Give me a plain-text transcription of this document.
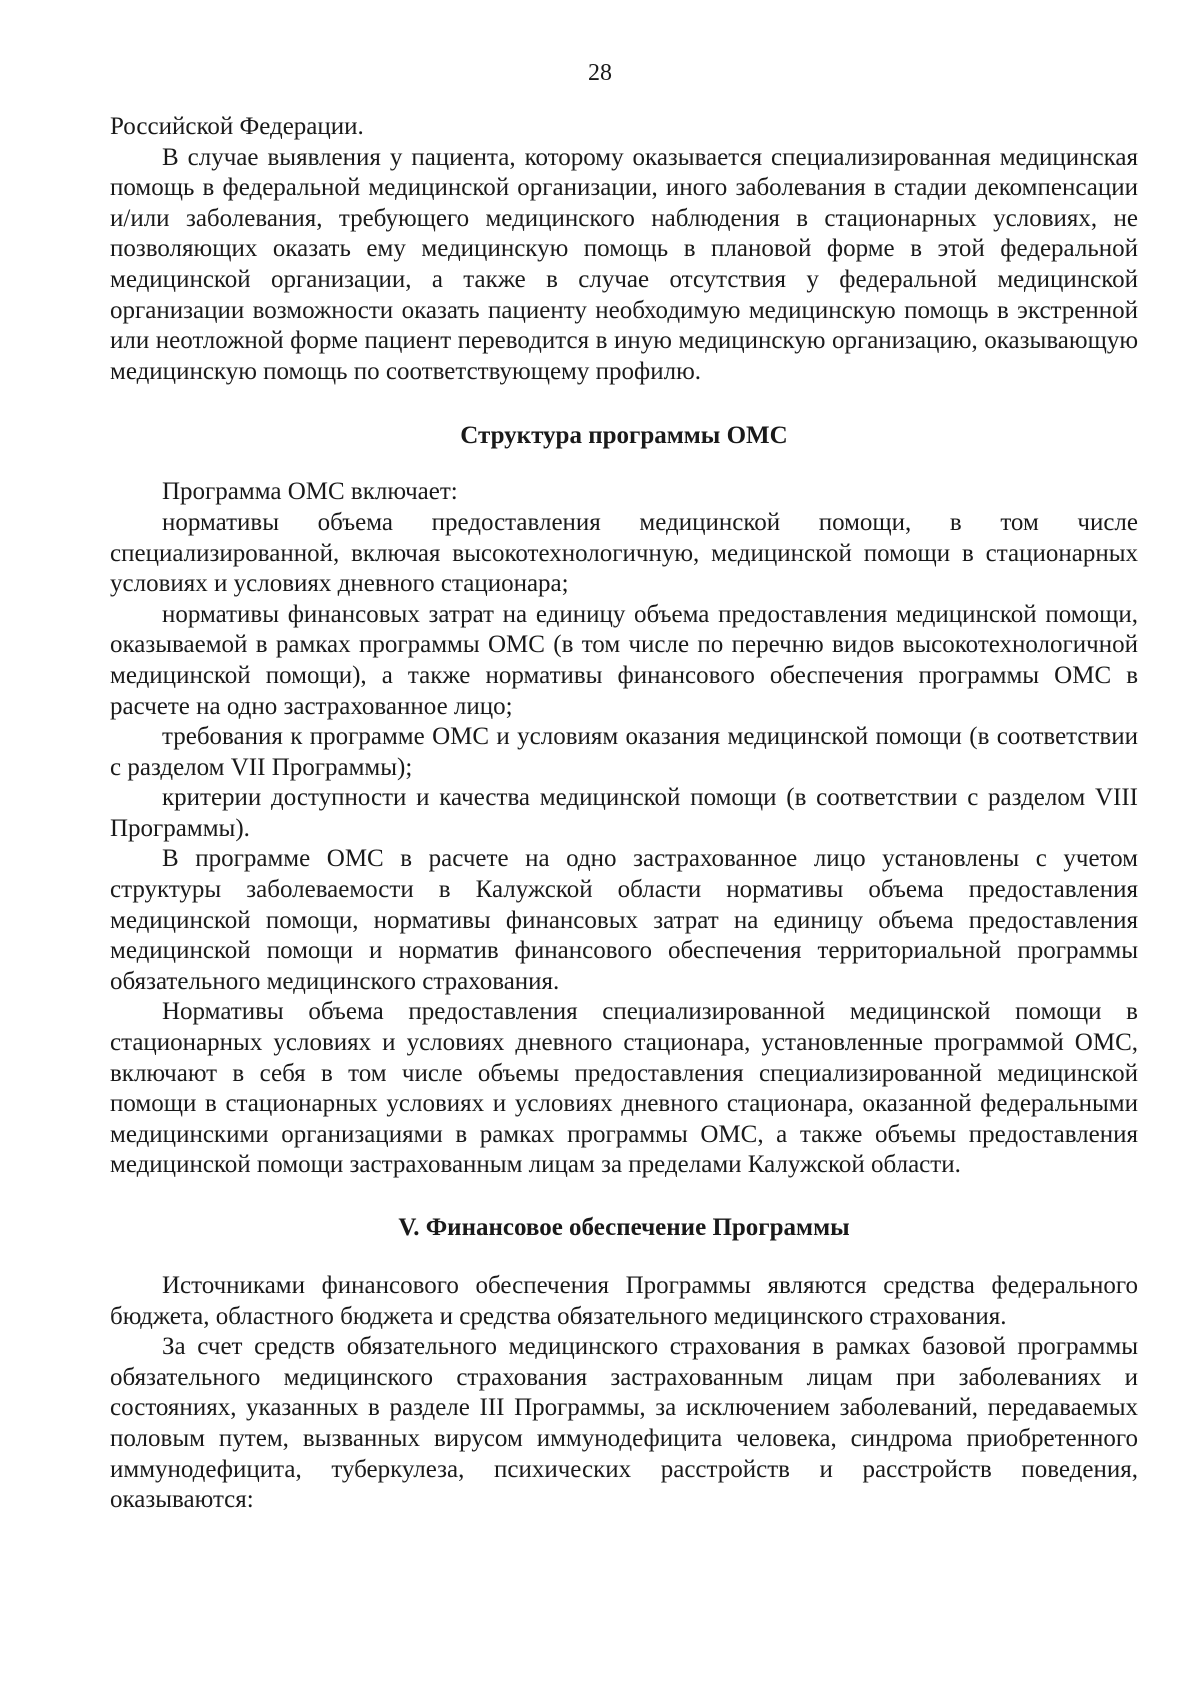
28

Российской Федерации.

В случае выявления у пациента, которому оказывается специализированная медицинская помощь в федеральной медицинской организации, иного заболевания в стадии декомпенсации и/или заболевания, требующего медицинского наблюдения в стационарных условиях, не позволяющих оказать ему медицинскую помощь в плановой форме в этой федеральной медицинской организации, а также в случае отсутствия у федеральной медицинской организации возможности оказать пациенту необходимую медицинскую помощь в экстренной или неотложной форме пациент переводится в иную медицинскую организацию, оказывающую медицинскую помощь по соответствующему профилю.

Структура программы ОМС

Программа ОМС включает:

нормативы объема предоставления медицинской помощи, в том числе специализированной, включая высокотехнологичную, медицинской помощи в стационарных условиях и условиях дневного стационара;

нормативы финансовых затрат на единицу объема предоставления медицинской помощи, оказываемой в рамках программы ОМС (в том числе по перечню видов высокотехнологичной медицинской помощи), а также нормативы финансового обеспечения программы ОМС в расчете на одно застрахованное лицо;

требования к программе ОМС и условиям оказания медицинской помощи (в соответствии с разделом VII Программы);

критерии доступности и качества медицинской помощи (в соответствии с разделом VIII Программы).

В программе ОМС в расчете на одно застрахованное лицо установлены с учетом структуры заболеваемости в Калужской области нормативы объема предоставления медицинской помощи, нормативы финансовых затрат на единицу объема предоставления медицинской помощи и норматив финансового обеспечения территориальной программы обязательного медицинского страхования.

Нормативы объема предоставления специализированной медицинской помощи в стационарных условиях и условиях дневного стационара, установленные программой ОМС, включают в себя в том числе объемы предоставления специализированной медицинской помощи в стационарных условиях и условиях дневного стационара, оказанной федеральными медицинскими организациями в рамках программы ОМС, а также объемы предоставления медицинской помощи застрахованным лицам за пределами Калужской области.

V. Финансовое обеспечение Программы

Источниками финансового обеспечения Программы являются средства федерального бюджета, областного бюджета и средства обязательного медицинского страхования.

За счет средств обязательного медицинского страхования в рамках базовой программы обязательного медицинского страхования застрахованным лицам при заболеваниях и состояниях, указанных в разделе III Программы, за исключением заболеваний, передаваемых половым путем, вызванных вирусом иммунодефицита человека, синдрома приобретенного иммунодефицита, туберкулеза, психических расстройств и расстройств поведения, оказываются:
